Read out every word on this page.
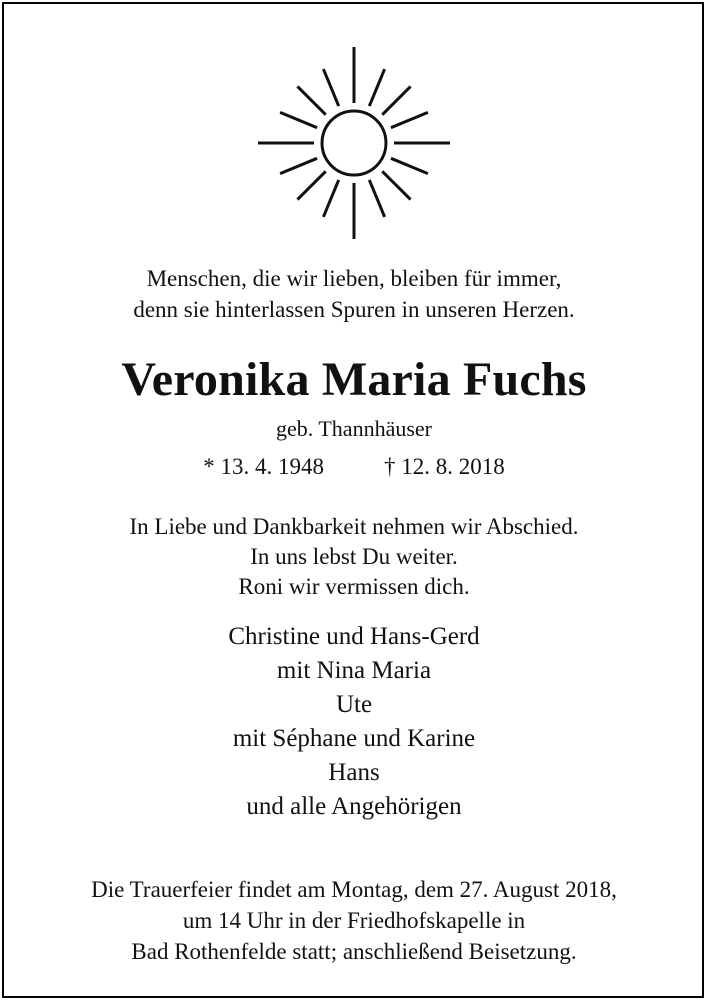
Menschen, die wir lieben, bleiben für immer,
denn sie hinterlassen Spuren in unseren Herzen.
Veronika Maria Fuchs
geb. Thannhäuser
* 13. 4. 1948	† 12. 8. 2018
In Liebe und Dankbarkeit nehmen wir Abschied.
In uns lebst Du weiter.
Roni wir vermissen dich.
Christine und Hans-Gerd
mit Nina Maria
Ute
mit Séphane und Karine
Hans
und alle Angehörigen
Die Trauerfeier findet am Montag, dem 27. August 2018,
um 14 Uhr in der Friedhofskapelle in
Bad Rothenfelde statt; anschließend Beisetzung.
